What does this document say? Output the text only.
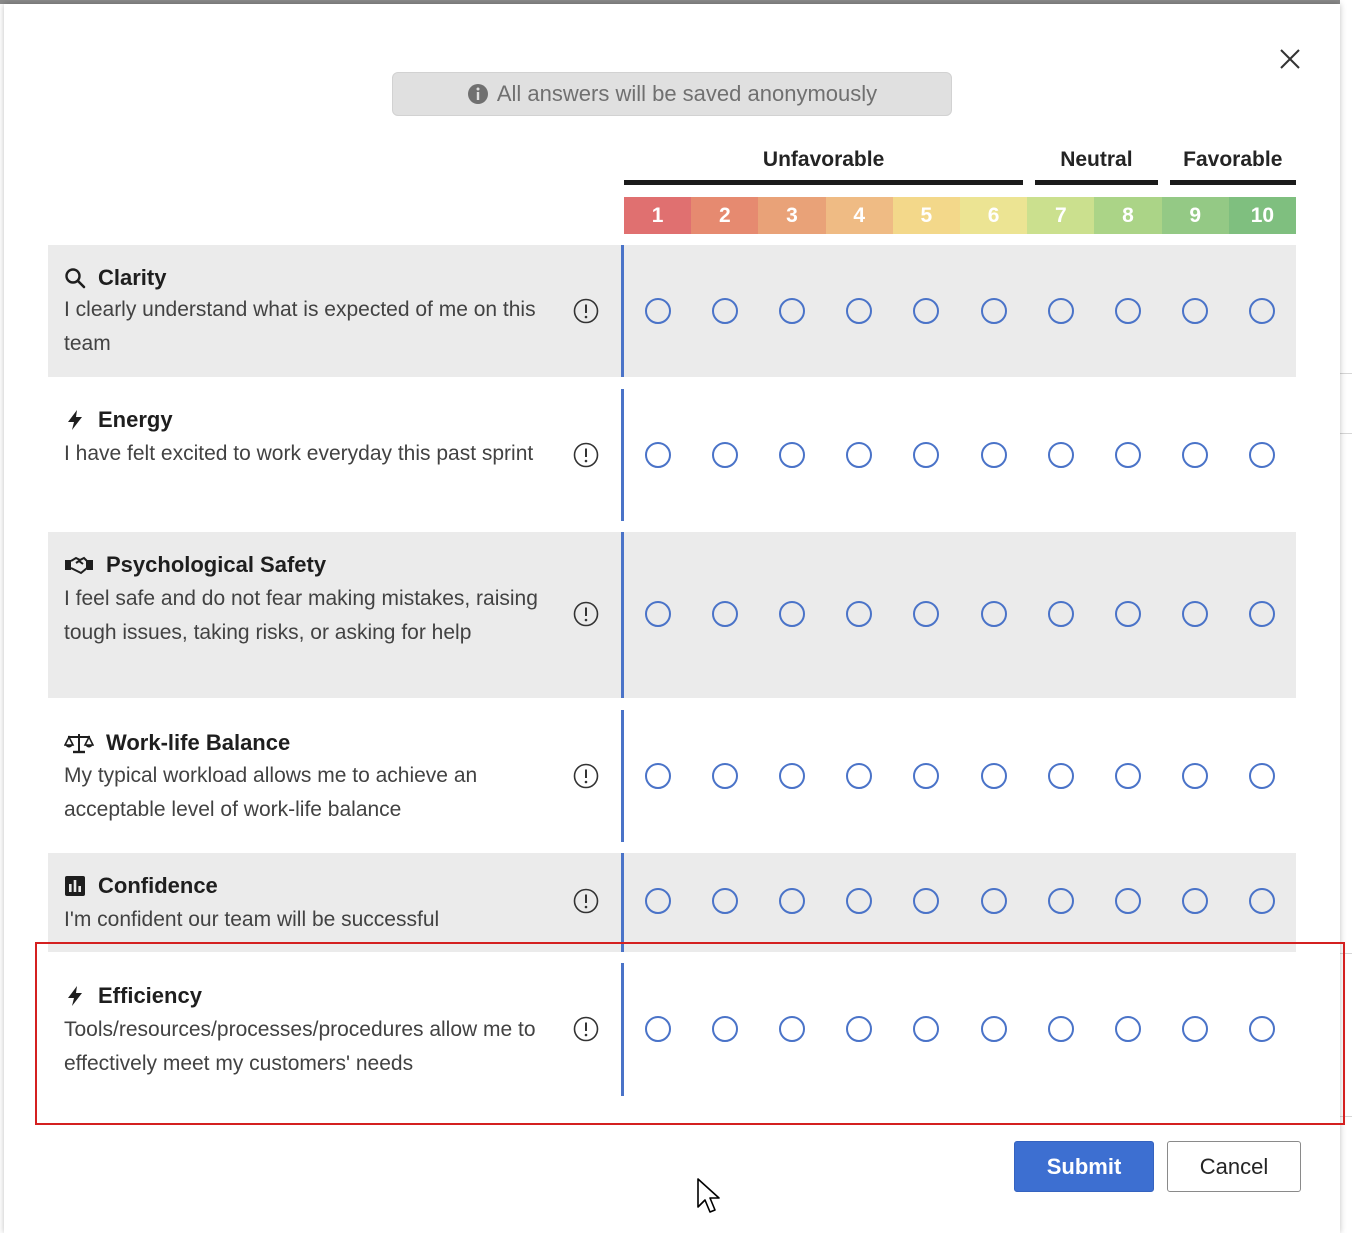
All answers will be saved anonymously
Unfavorable	Neutral	Favorable
1	2	3	4	5	6	7	8	9	10
Clarity
I clearly understand what is expected of me on this team
Energy
I have felt excited to work everyday this past sprint
Psychological Safety
I feel safe and do not fear making mistakes, raising tough issues, taking risks, or asking for help
Work-life Balance
My typical workload allows me to achieve an acceptable level of work-life balance
Confidence
I'm confident our team will be successful
Efficiency
Tools/resources/processes/procedures allow me to effectively meet my customers' needs
Submit	Cancel
